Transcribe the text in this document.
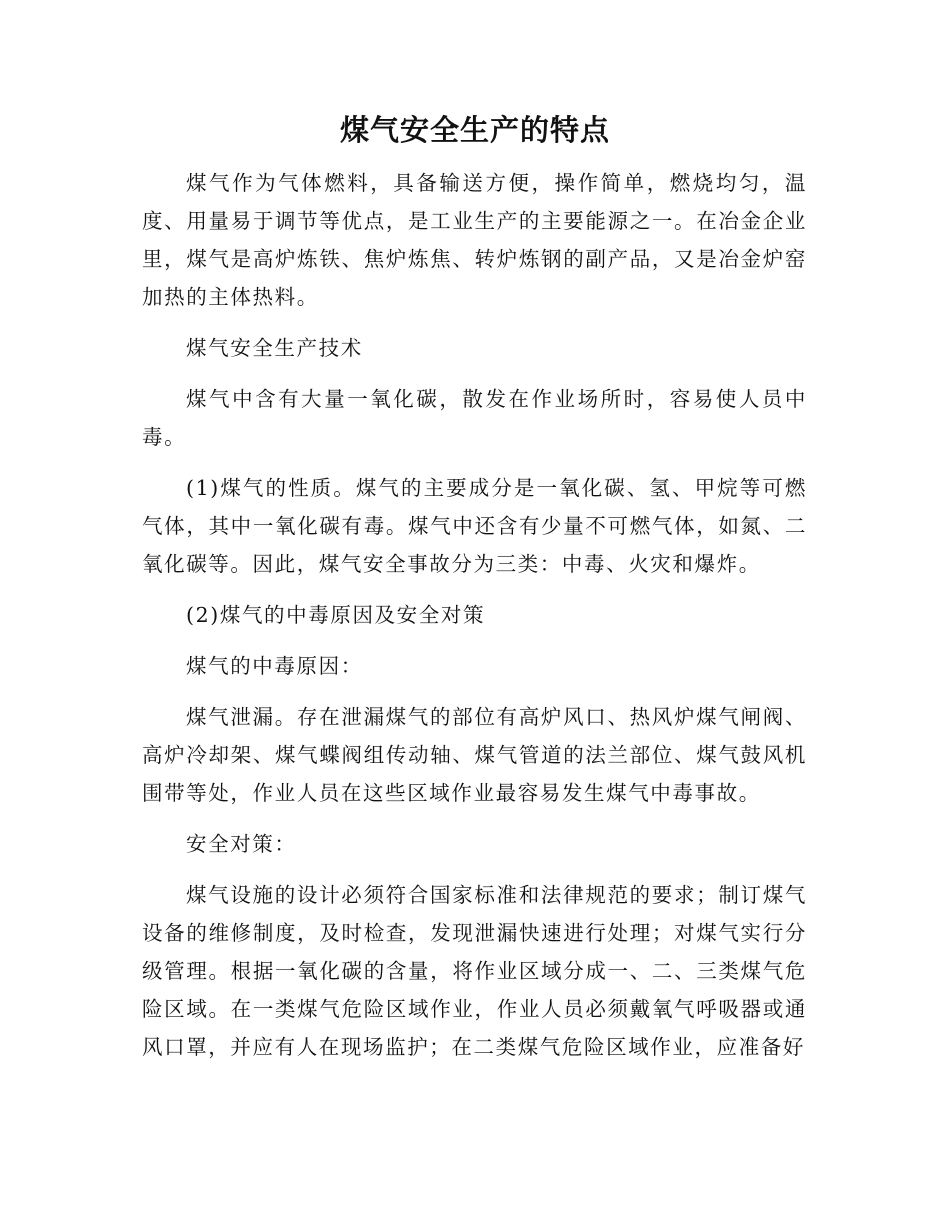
煤气安全生产的特点

煤气作为气体燃料，具备输送方便，操作简单，燃烧均匀，温度、用量易于调节等优点，是工业生产的主要能源之一。在冶金企业里，煤气是高炉炼铁、焦炉炼焦、转炉炼钢的副产品，又是冶金炉窑加热的主体热料。

煤气安全生产技术

煤气中含有大量一氧化碳，散发在作业场所时，容易使人员中毒。

(1)煤气的性质。煤气的主要成分是一氧化碳、氢、甲烷等可燃气体，其中一氧化碳有毒。煤气中还含有少量不可燃气体，如氮、二氧化碳等。因此，煤气安全事故分为三类：中毒、火灾和爆炸。

(2)煤气的中毒原因及安全对策

煤气的中毒原因：

煤气泄漏。存在泄漏煤气的部位有高炉风口、热风炉煤气闸阀、高炉冷却架、煤气蝶阀组传动轴、煤气管道的法兰部位、煤气鼓风机围带等处，作业人员在这些区域作业最容易发生煤气中毒事故。

安全对策：

煤气设施的设计必须符合国家标准和法律规范的要求；制订煤气设备的维修制度，及时检查，发现泄漏快速进行处理；对煤气实行分级管理。根据一氧化碳的含量，将作业区域分成一、二、三类煤气危险区域。在一类煤气危险区域作业，作业人员必须戴氧气呼吸器或通风口罩，并应有人在现场监护；在二类煤气危险区域作业，应准备好
